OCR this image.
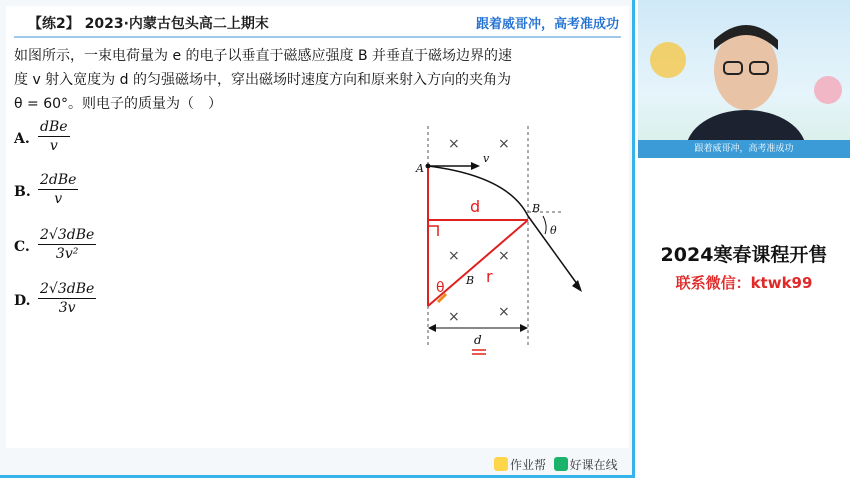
【练2】 2023·内蒙古包头高二上期末	跟着威哥冲，高考准成功
如图所示，一束电荷量为 e 的电子以垂直于磁感应强度 B 并垂直于磁场边界的速
度 v 射入宽度为 d 的匀强磁场中，穿出磁场时速度方向和原来射入方向的夹角为
θ = 60°。则电子的质量为（　）
A.
dBe
v
B.
2dBe
v
C.
2√3dBe
3v²
D.
2√3dBe
3v
×	×
×	×
×
×
A
v
B
θ
d
r
θ B
d
作业帮 好课在线
跟着威哥冲，高考准成功
2024寒春课程开售
联系微信：ktwk99
